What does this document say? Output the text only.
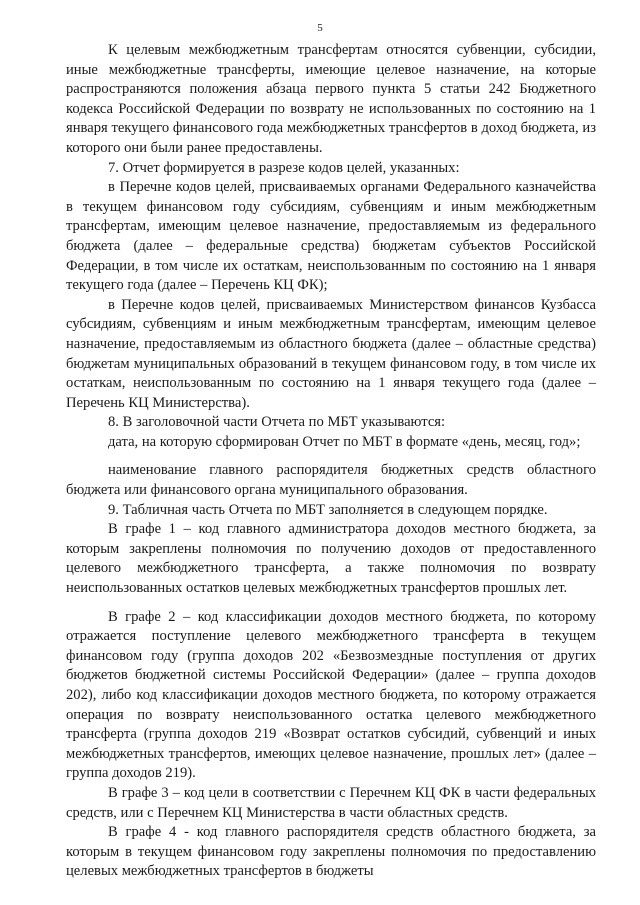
5

К целевым межбюджетным трансфертам относятся субвенции, субсидии, иные межбюджетные трансферты, имеющие целевое назначение, на которые распространяются положения абзаца первого пункта 5 статьи 242 Бюджетного кодекса Российской Федерации по возврату не использованных по состоянию на 1 января текущего финансового года межбюджетных трансфертов в доход бюджета, из которого они были ранее предоставлены.

7. Отчет формируется в разрезе кодов целей, указанных:

в Перечне кодов целей, присваиваемых органами Федерального казначейства в текущем финансовом году субсидиям, субвенциям и иным межбюджетным трансфертам, имеющим целевое назначение, предоставляемым из федерального бюджета (далее – федеральные средства) бюджетам субъектов Российской Федерации, в том числе их остаткам, неиспользованным по состоянию на 1 января текущего года (далее – Перечень КЦ ФК);

в Перечне кодов целей, присваиваемых Министерством финансов Кузбасса субсидиям, субвенциям и иным межбюджетным трансфертам, имеющим целевое назначение, предоставляемым из областного бюджета (далее – областные средства) бюджетам муниципальных образований в текущем финансовом году, в том числе их остаткам, неиспользованным по состоянию на 1 января текущего года (далее – Перечень КЦ Министерства).

8. В заголовочной части Отчета по МБТ указываются:

дата, на которую сформирован Отчет по МБТ в формате «день, месяц, год»;

наименование главного распорядителя бюджетных средств областного бюджета или финансового органа муниципального образования.

9. Табличная часть Отчета по МБТ заполняется в следующем порядке.

В графе 1 – код главного администратора доходов местного бюджета, за которым закреплены полномочия по получению доходов от предоставленного целевого межбюджетного трансферта, а также полномочия по возврату неиспользованных остатков целевых межбюджетных трансфертов прошлых лет.

В графе 2 – код классификации доходов местного бюджета, по которому отражается поступление целевого межбюджетного трансферта в текущем финансовом году (группа доходов 202 «Безвозмездные поступления от других бюджетов бюджетной системы Российской Федерации» (далее – группа доходов 202), либо код классификации доходов местного бюджета, по которому отражается операция по возврату неиспользованного остатка целевого межбюджетного трансферта (группа доходов 219 «Возврат остатков субсидий, субвенций и иных межбюджетных трансфертов, имеющих целевое назначение, прошлых лет» (далее – группа доходов 219).

В графе 3 – код цели в соответствии с Перечнем КЦ ФК в части федеральных средств, или с Перечнем КЦ Министерства в части областных средств.

В графе 4 - код главного распорядителя средств областного бюджета, за которым в текущем финансовом году закреплены полномочия по предоставлению целевых межбюджетных трансфертов в бюджеты
